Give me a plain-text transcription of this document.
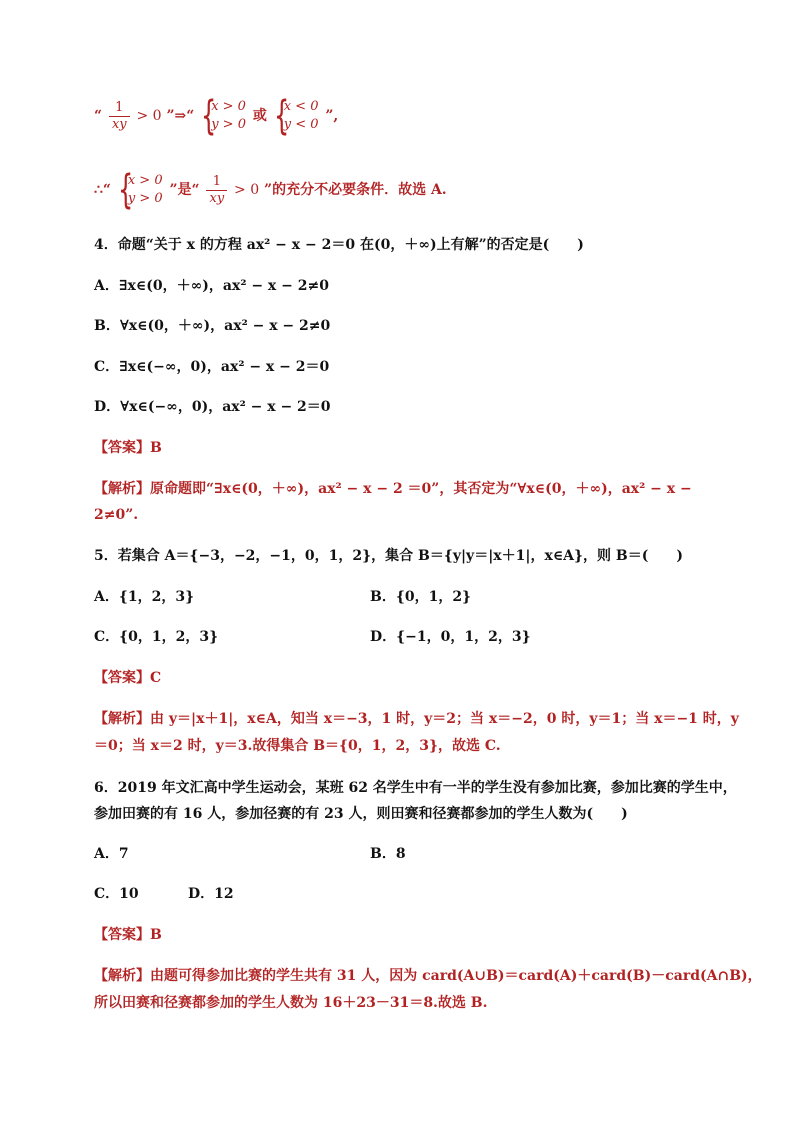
“ $\frac{1}{xy} > 0$ ”⇒“ {
x > 0
y > 0
或 {
x < 0
y < 0
”,
∴“ {
x > 0
y > 0
”是“ $\frac{1}{xy} > 0$ ”的充分不必要条件．故选 A.
4．命题“关于 x 的方程 ax² − x − 2＝0 在(0，＋∞)上有解”的否定是(　　)
A．∃x∈(0，＋∞)，ax² − x − 2≠0
B．∀x∈(0，＋∞)，ax² − x − 2≠0
C．∃x∈(−∞，0)，ax² − x − 2＝0
D．∀x∈(−∞，0)，ax² − x − 2＝0
【答案】B
【解析】原命题即“∃x∈(0，＋∞)，ax² − x − 2 ＝0”，其否定为“∀x∈(0，＋∞)，ax² − x −
2≠0”.
5．若集合 A＝{−3，−2，−1，0，1，2}，集合 B＝{y|y＝|x＋1|，x∈A}，则 B＝(　　)
A．{1，2，3}	B．{0，1，2}
C．{0，1，2，3}	D．{−1，0，1，2，3}
【答案】C
【解析】由 y＝|x＋1|，x∈A，知当 x＝−3，1 时，y＝2；当 x＝−2，0 时，y＝1；当 x＝−1 时，y
＝0；当 x＝2 时，y＝3.故得集合 B＝{0，1，2，3}，故选 C.
6．2019 年文汇高中学生运动会，某班 62 名学生中有一半的学生没有参加比赛，参加比赛的学生中，
参加田赛的有 16 人，参加径赛的有 23 人，则田赛和径赛都参加的学生人数为(　　)
A．7	B．8
C．10	D．12
【答案】B
【解析】由题可得参加比赛的学生共有 31 人，因为 card(A∪B)＝card(A)＋card(B)－card(A∩B)，
所以田赛和径赛都参加的学生人数为 16＋23－31＝8.故选 B.
